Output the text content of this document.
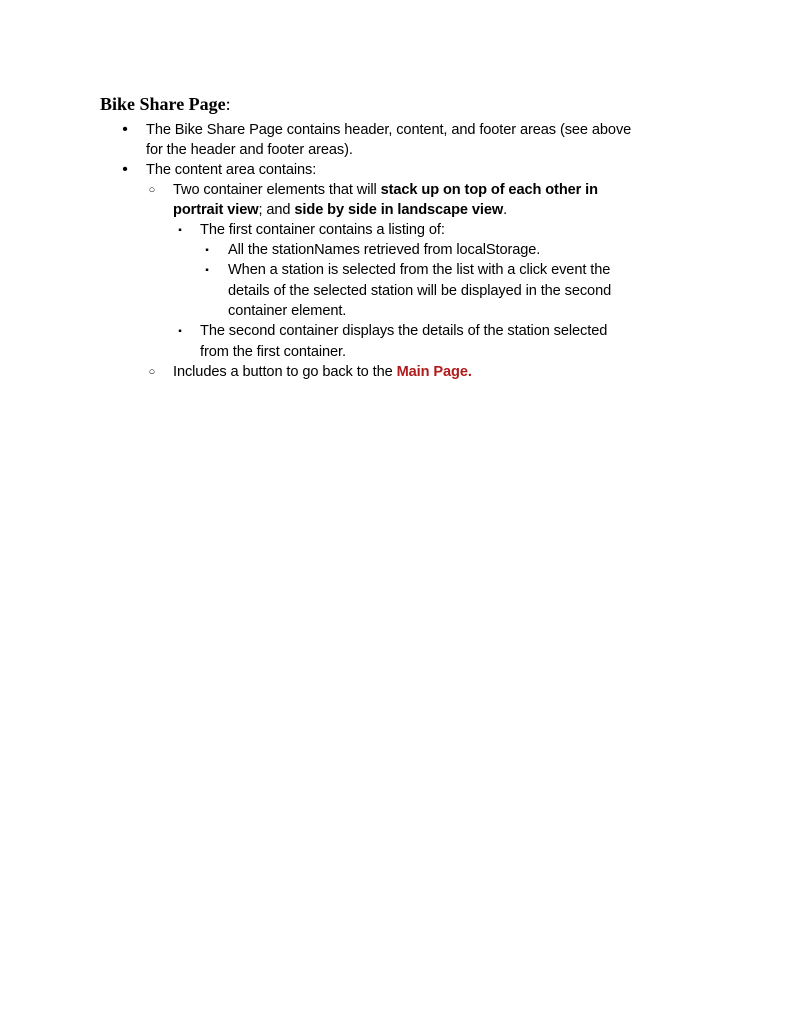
Bike Share Page:
• The Bike Share Page contains header, content, and footer areas (see above
for the header and footer areas).
• The content area contains:
○ Two container elements that will stack up on top of each other in
portrait view; and side by side in landscape view.
▪ The first container contains a listing of:
▪ All the stationNames retrieved from localStorage.
▪ When a station is selected from the list with a click event the
details of the selected station will be displayed in the second
container element.
▪ The second container displays the details of the station selected
from the first container.
○ Includes a button to go back to the Main Page.
